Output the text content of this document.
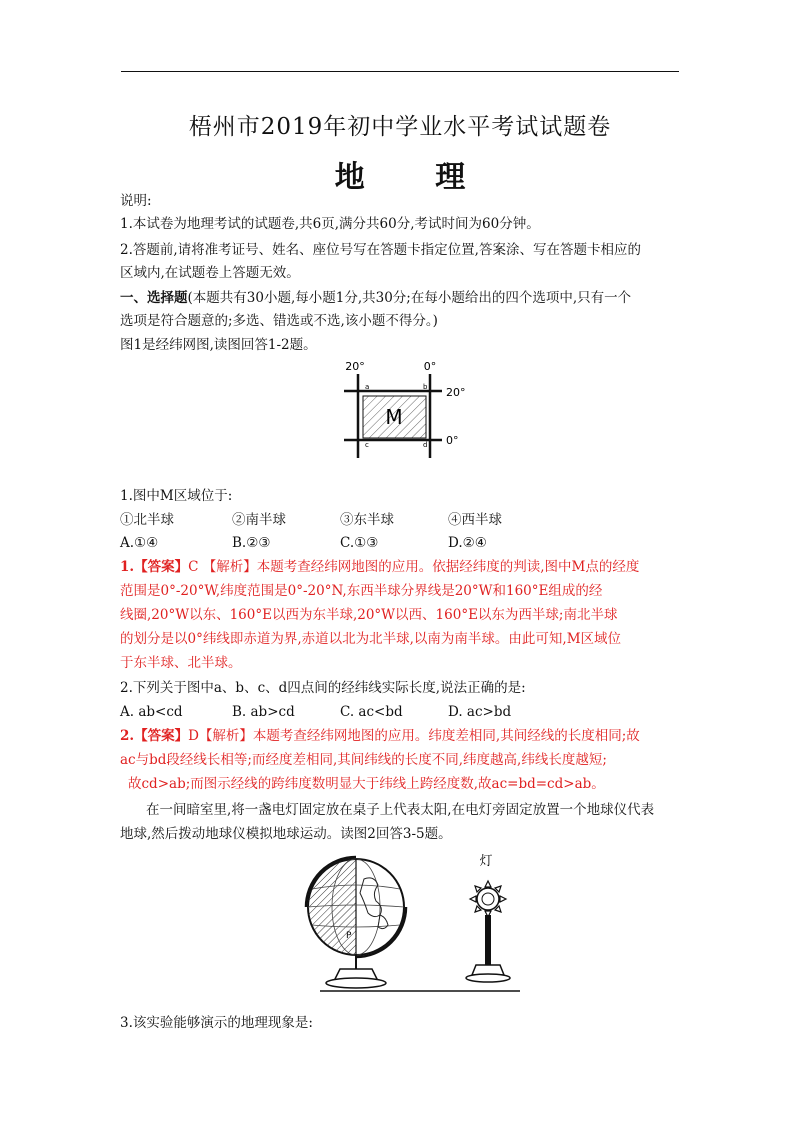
梧州市2019年初中学业水平考试试题卷
地 理
说明:
1.本试卷为地理考试的试题卷,共6页,满分共60分,考试时间为60分钟。
2.答题前,请将准考证号、姓名、座位号写在答题卡指定位置,答案涂、写在答题卡相应的
区域内,在试题卷上答题无效。
一、选择题(本题共有30小题,每小题1分,共30分;在每小题给出的四个选项中,只有一个
选项是符合题意的;多选、错选或不选,该小题不得分。)
图1是经纬网图,读图回答1-2题。
20°	0°
20°
0°
M
a	b
c	d
1.图中M区域位于:
①北半球	②南半球	③东半球	④西半球
A.①④	B.②③	C.①③	D.②④
1.【答案】C 【解析】本题考查经纬网地图的应用。依据经纬度的判读,图中M点的经度
范围是0°-20°W,纬度范围是0°-20°N,东西半球分界线是20°W和160°E组成的经
线圈,20°W以东、160°E以西为东半球,20°W以西、160°E以东为西半球;南北半球
的划分是以0°纬线即赤道为界,赤道以北为北半球,以南为南半球。由此可知,M区域位
于东半球、北半球。
2.下列关于图中a、b、c、d四点间的经纬线实际长度,说法正确的是:
A. ab<cd	B. ab>cd	C. ac<bd	D. ac>bd
2.【答案】D【解析】本题考查经纬网地图的应用。纬度差相同,其间经线的长度相同;故
ac与bd段经线长相等;而经度差相同,其间纬线的长度不同,纬度越高,纬线长度越短;
故cd>ab;而图示经线的跨纬度数明显大于纬线上跨经度数,故ac=bd=cd>ab。
在一间暗室里,将一盏电灯固定放在桌子上代表太阳,在电灯旁固定放置一个地球仪代表
地球,然后拨动地球仪模拟地球运动。读图2回答3-5题。
P
灯
3.该实验能够演示的地理现象是:
